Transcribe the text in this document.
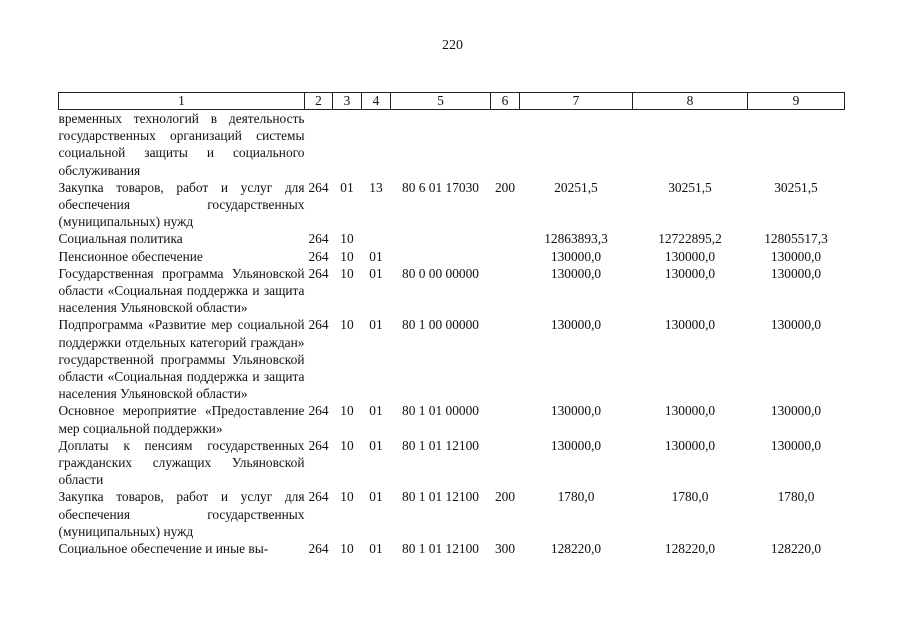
220
1	2	3	4	5	6	7	8	9
временных технологий в деятельность государственных организаций системы социальной защиты и социального обслуживания								
Закупка товаров, работ и услуг для обеспечения государственных (муниципальных) нужд	264	01	13	80 6 01 17030	200	20251,5	30251,5	30251,5
Социальная политика	264	10				12863893,3	12722895,2	12805517,3
Пенсионное обеспечение	264	10	01			130000,0	130000,0	130000,0
Государственная программа Ульяновской области «Социальная поддержка и защита населения Ульяновской области»	264	10	01	80 0 00 00000		130000,0	130000,0	130000,0
Подпрограмма «Развитие мер социальной поддержки отдельных категорий граждан» государственной программы Ульяновской области «Социальная поддержка и защита населения Ульяновской области»	264	10	01	80 1 00 00000		130000,0	130000,0	130000,0
Основное мероприятие «Предоставление мер социальной поддержки»	264	10	01	80 1 01 00000		130000,0	130000,0	130000,0
Доплаты к пенсиям государственных гражданских служащих Ульяновской области	264	10	01	80 1 01 12100		130000,0	130000,0	130000,0
Закупка товаров, работ и услуг для обеспечения государственных (муниципальных) нужд	264	10	01	80 1 01 12100	200	1780,0	1780,0	1780,0
Социальное обеспечение и иные вы-	264	10	01	80 1 01 12100	300	128220,0	128220,0	128220,0
